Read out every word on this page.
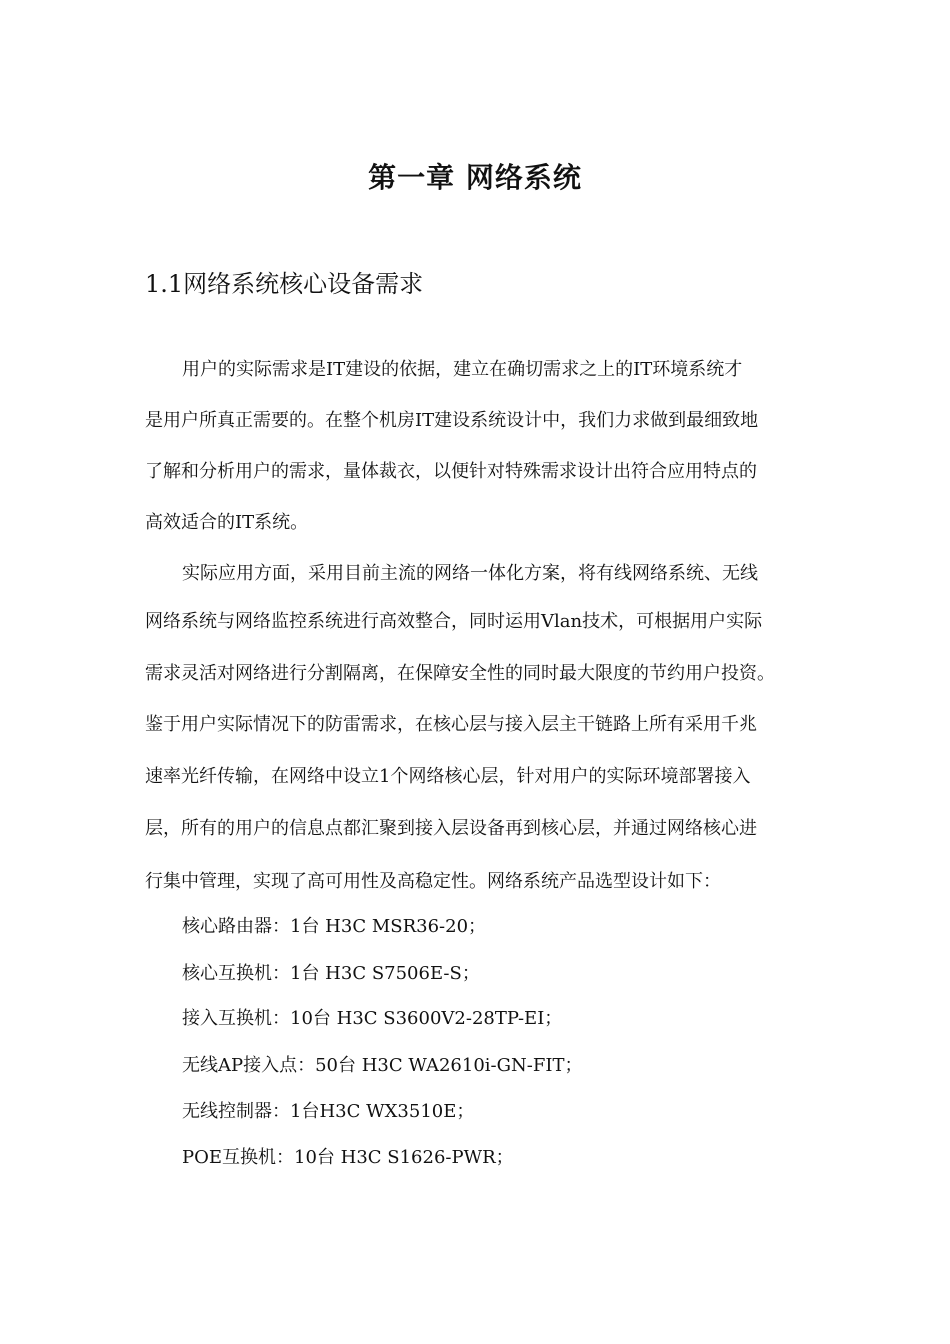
第一章 网络系统
1.1网络系统核心设备需求
用户的实际需求是IT建设的依据，建立在确切需求之上的IT环境系统才
是用户所真正需要的。在整个机房IT建设系统设计中，我们力求做到最细致地
了解和分析用户的需求，量体裁衣，以便针对特殊需求设计出符合应用特点的
高效适合的IT系统。
实际应用方面，采用目前主流的网络一体化方案，将有线网络系统、无线
网络系统与网络监控系统进行高效整合，同时运用Vlan技术，可根据用户实际
需求灵活对网络进行分割隔离，在保障安全性的同时最大限度的节约用户投资。
鉴于用户实际情况下的防雷需求，在核心层与接入层主干链路上所有采用千兆
速率光纤传输，在网络中设立1个网络核心层，针对用户的实际环境部署接入
层，所有的用户的信息点都汇聚到接入层设备再到核心层，并通过网络核心进
行集中管理，实现了高可用性及高稳定性。网络系统产品选型设计如下：
核心路由器：1台 H3C MSR36-20；
核心互换机：1台 H3C S7506E-S；
接入互换机：10台 H3C S3600V2-28TP-EI；
无线AP接入点：50台 H3C WA2610i-GN-FIT；
无线控制器：1台H3C WX3510E；
POE互换机：10台 H3C S1626-PWR；
